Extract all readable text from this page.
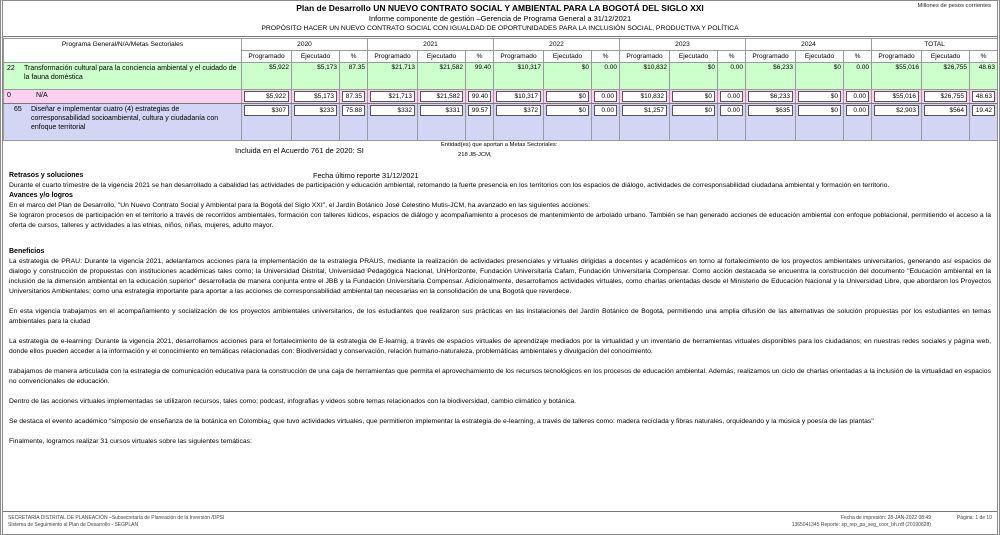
Millones de pesos corrientes
Plan de Desarrollo UN NUEVO CONTRATO SOCIAL Y AMBIENTAL PARA LA BOGOTÁ DEL SIGLO XXI
Informe componente de gestión –Gerencia de Programa General a 31/12/2021
PROPÓSITO HACER UN NUEVO CONTRATO SOCIAL CON IGUALDAD DE OPORTUNIDADES PARA LA INCLUSIÓN SOCIAL, PRODUCTIVA Y POLÍTICA
Programa General/N/A/Metas Sectoriales	2020			2021			2022			2023			2024			TOTAL		
	Programado	Ejecutado	%	Programado	Ejecutado	%	Programado	Ejecutado	%	Programado	Ejecutado	%	Programado	Ejecutado	%	Programado	Ejecutado	%

22 Transformación cultural para la conciencia ambiental y el cuidado de la fauna doméstica	$5,922	$5,173	87.35	$21,713	$21,582	99.40	$10,317	$0	0.00	$10,832	$0	0.00	$6,233	$0	0.00	$55,016	$26,755	48.63

0 N/A	$5,922	$5,173	87.35	$21,713	$21,582	99.40	$10,317	$0	0.00	$10,832	$0	0.00	$6,233	$0	0.00	$55,016	$26,755	48.63

65 Diseñar e implementar cuatro (4) estrategias de corresponsabilidad socioambiental, cultura y ciudadanía con enfoque territorial	$307	$233	75.88	$332	$331	99.57	$372	$0	0.00	$1,257	$0	0.00	$635	$0	0.00	$2,903	$564	19.42
Incluida en el Acuerdo 761 de 2020: SI
Entidad(es) que aportan a Metas Sectoriales:
218 JB-JCM,
Retrasos y soluciones	Fecha último reporte 31/12/2021

Durante el cuarto trimestre de la vigencia 2021 se han desarrollado a cabalidad las actividades de participación y educación ambiental, retomando la fuerte presencia en los territorios con los espacios de diálogo, actividades de corresponsabilidad ciudadana ambiental y formación en territorio.

Avances y/o logros

En el marco del Plan de Desarrollo, "Un Nuevo Contrato Social y Ambiental para la Bogotá del Siglo XXI", el Jardín Botánico José Celestino Mutis-JCM, ha avanzado en las siguientes acciones:

Se lograron procesos de participación en el territorio a través de recorridos ambientales, formación con talleres lúdicos, espacios de diálogo y acompañamiento a procesos de mantenimiento de arbolado urbano. También se han generado acciones de educación ambiental con enfoque poblacional, permitiendo el acceso a la oferta de cursos, talleres y actividades a las etnias, niños, niñas, mujeres, adulto mayor.

Beneficios

La estrategia de PRAU: Durante la vigencia 2021, adelantamos acciones para la implementación de la estrategia PRAUS, mediante la realización de actividades presenciales y virtuales dirigidas a docentes y académicos en torno al fortalecimiento de los proyectos ambientales universitarios, generando así espacios de dialogo y construcción de propuestas con instituciones académicas tales como; la Universidad Distrital, Universidad Pedagógica Nacional, UniHorizonte, Fundación Universitaria Cafam, Fundación Universitaria Compensar. Como acción destacada se encuentra la construcción del documento "Educación ambiental en la inclusión de la dimensión ambiental en la educación superior" desarrollada de manera conjunta entre el JBB y la Fundación Universitaria Compensar. Adicionalmente, desarrollamos actividades virtuales, como charlas orientadas desde el Ministerio de Educación Nacional y la Universidad Libre, que abordaron los Proyectos Universitarios Ambientales; como una estrategia importante para aportar a las acciones de corresponsabilidad ambiental tan necesarias en la consolidación de una Bogotá que reverdece.

En esta vigencia trabajamos en el acompañamiento y socialización de los proyectos ambientales universitarios, de los estudiantes que realizaron sus prácticas en las instalaciones del Jardín Botánico de Bogotá, permitiendo una amplia difusión de las alternativas de solución propuestas por los estudiantes en temas ambientales para la ciudad

La estrategia de e-learning: Durante la vigencia 2021, desarrollamos acciones para el fortalecimiento de la estrategia de E-learnig, a través de espacios virtuales de aprendizaje mediados por la virtualidad y un inventario de herramientas virtuales disponibles para los ciudadanos; en nuestras redes sociales y página web, donde ellos pueden acceder a la información y el conocimiento en temáticas relacionadas con: Biodiversidad y conservación, relación humano-naturaleza, problemáticas ambientales y divulgación del conocimiento.

trabajamos de manera articulada con la estrategia de comunicación educativa para la construcción de una caja de herramientas que permita el aprovechamiento de los recursos tecnológicos en los procesos de educación ambiental. Además, realizamos un ciclo de charlas orientadas a la inclusión de la virtualidad en espacios no convencionales de educación.

Dentro de las acciones virtuales implementadas se utilizaron recursos, tales como; podcast, infografias y videos sobre temas relacionados con la biodiversidad, cambio climático y botánica.

Se destaca el evento académico "simposio de enseñanza de la botánica en Colombia¿ que tuvo actividades virtuales, que permitieron implementar la estrategia de e-learning, a través de talleres como: madera reciclada y fibras naturales, orquideando y la música y poesía de las plantas"

Finalmente, logramos realizar 31 cursos virtuales sobre las siguientes temáticas:

SECRETARÍA DISTRITAL DE PLANEACIÓN –Subsecretaría de Planeación de la Inversión /DPSI
Sistema de Seguimiento al Plan de Desarrollo - SEGPLAN
Fecha de impresión: 28-JAN-2022 08:49
1365041345 Reporte: sp_rep_pa_seg_coor_bh.rdf (20190628)
Página: 1 de 10
